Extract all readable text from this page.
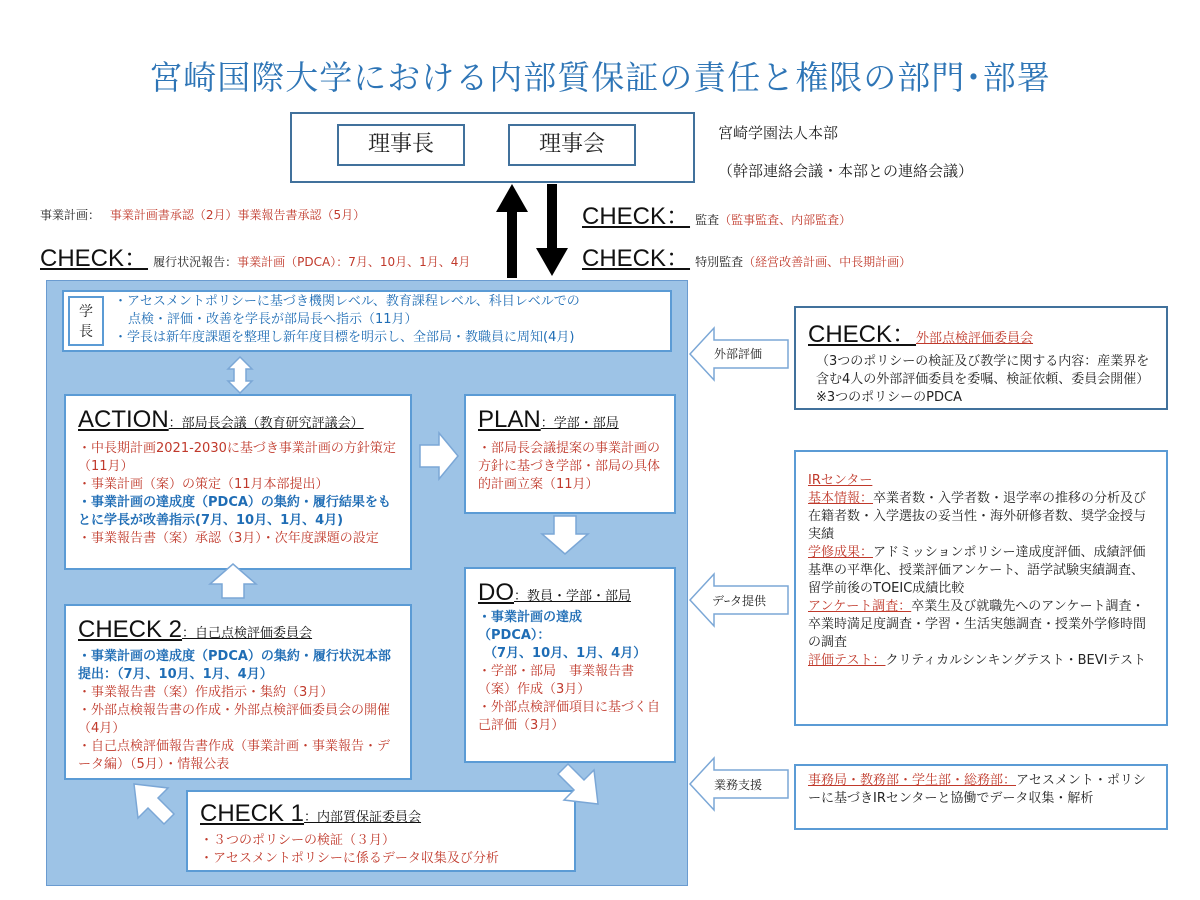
宮崎国際大学における内部質保証の責任と権限の部門･部署
理事長	理事会	宮崎学園法人本部
（幹部連絡会議・本部との連絡会議）
事業計画： 事業計画書承認（2月）事業報告書承認（5月）
CHECK： 履行状況報告：事業計画（PDCA）：7月、10月、1月、4月
CHECK： 監査（監事監査、内部監査）
CHECK： 特別監査（経営改善計画、中長期計画）
学長
・アセスメントポリシーに基づき機関レベル、教育課程レベル、科目レベルでの
点検・評価・改善を学長が部局長へ指示（11月）
・学長は新年度課題を整理し新年度目標を明示し、全部局・教職員に周知(4月)
ACTION：部局長会議（教育研究評議会）
・中長期計画2021-2030に基づき事業計画の方針策定（11月）
・事業計画（案）の策定（11月本部提出）
・事業計画の達成度（PDCA）の集約・履行結果をもとに学長が改善指示(7月、10月、1月、4月)
・事業報告書（案）承認（3月）・次年度課題の設定
PLAN：学部・部局
・部局長会議提案の事業計画の方針に基づき学部・部局の具体的計画立案（11月）
DO：教員・学部・部局
・事業計画の達成
（PDCA）：
（7月、10月、1月、4月）
・学部・部局　事業報告書（案）作成（3月）
・外部点検評価項目に基づく自己評価（3月）
CHECK 2：自己点検評価委員会
・事業計画の達成度（PDCA）の集約・履行状況本部提出：（7月、10月、1月、4月）
・事業報告書（案）作成指示・集約（3月）
・外部点検報告書の作成・外部点検評価委員会の開催（4月）
・自己点検評価報告書作成（事業計画・事業報告・データ編）（5月）・情報公表
CHECK 1：内部質保証委員会
・３つのポリシーの検証（３月）
・アセスメントポリシーに係るデータ収集及び分析
外部評価
デｰタ提供
業務支援
CHECK：外部点検評価委員会
（3つのポリシーの検証及び教学に関する内容：産業界を含む4人の外部評価委員を委嘱、検証依頼、委員会開催）　　※3つのポリシーのPDCA
IRセンター
基本情報：卒業者数・入学者数・退学率の推移の分析及び在籍者数・入学選抜の妥当性・海外研修者数、奨学金授与実績
学修成果：アドミッションポリシー達成度評価、成績評価基準の平準化、授業評価アンケート、語学試験実績調査、留学前後のTOEIC成績比較
アンケート調査：卒業生及び就職先へのアンケート調査・卒業時満足度調査・学習・生活実態調査・授業外学修時間の調査
評価テスト：クリティカルシンキングテスト・BEVIテスト
事務局・教務部・学生部・総務部：アセスメント・ポリシーに基づきIRセンターと協働でデータ収集・解析
